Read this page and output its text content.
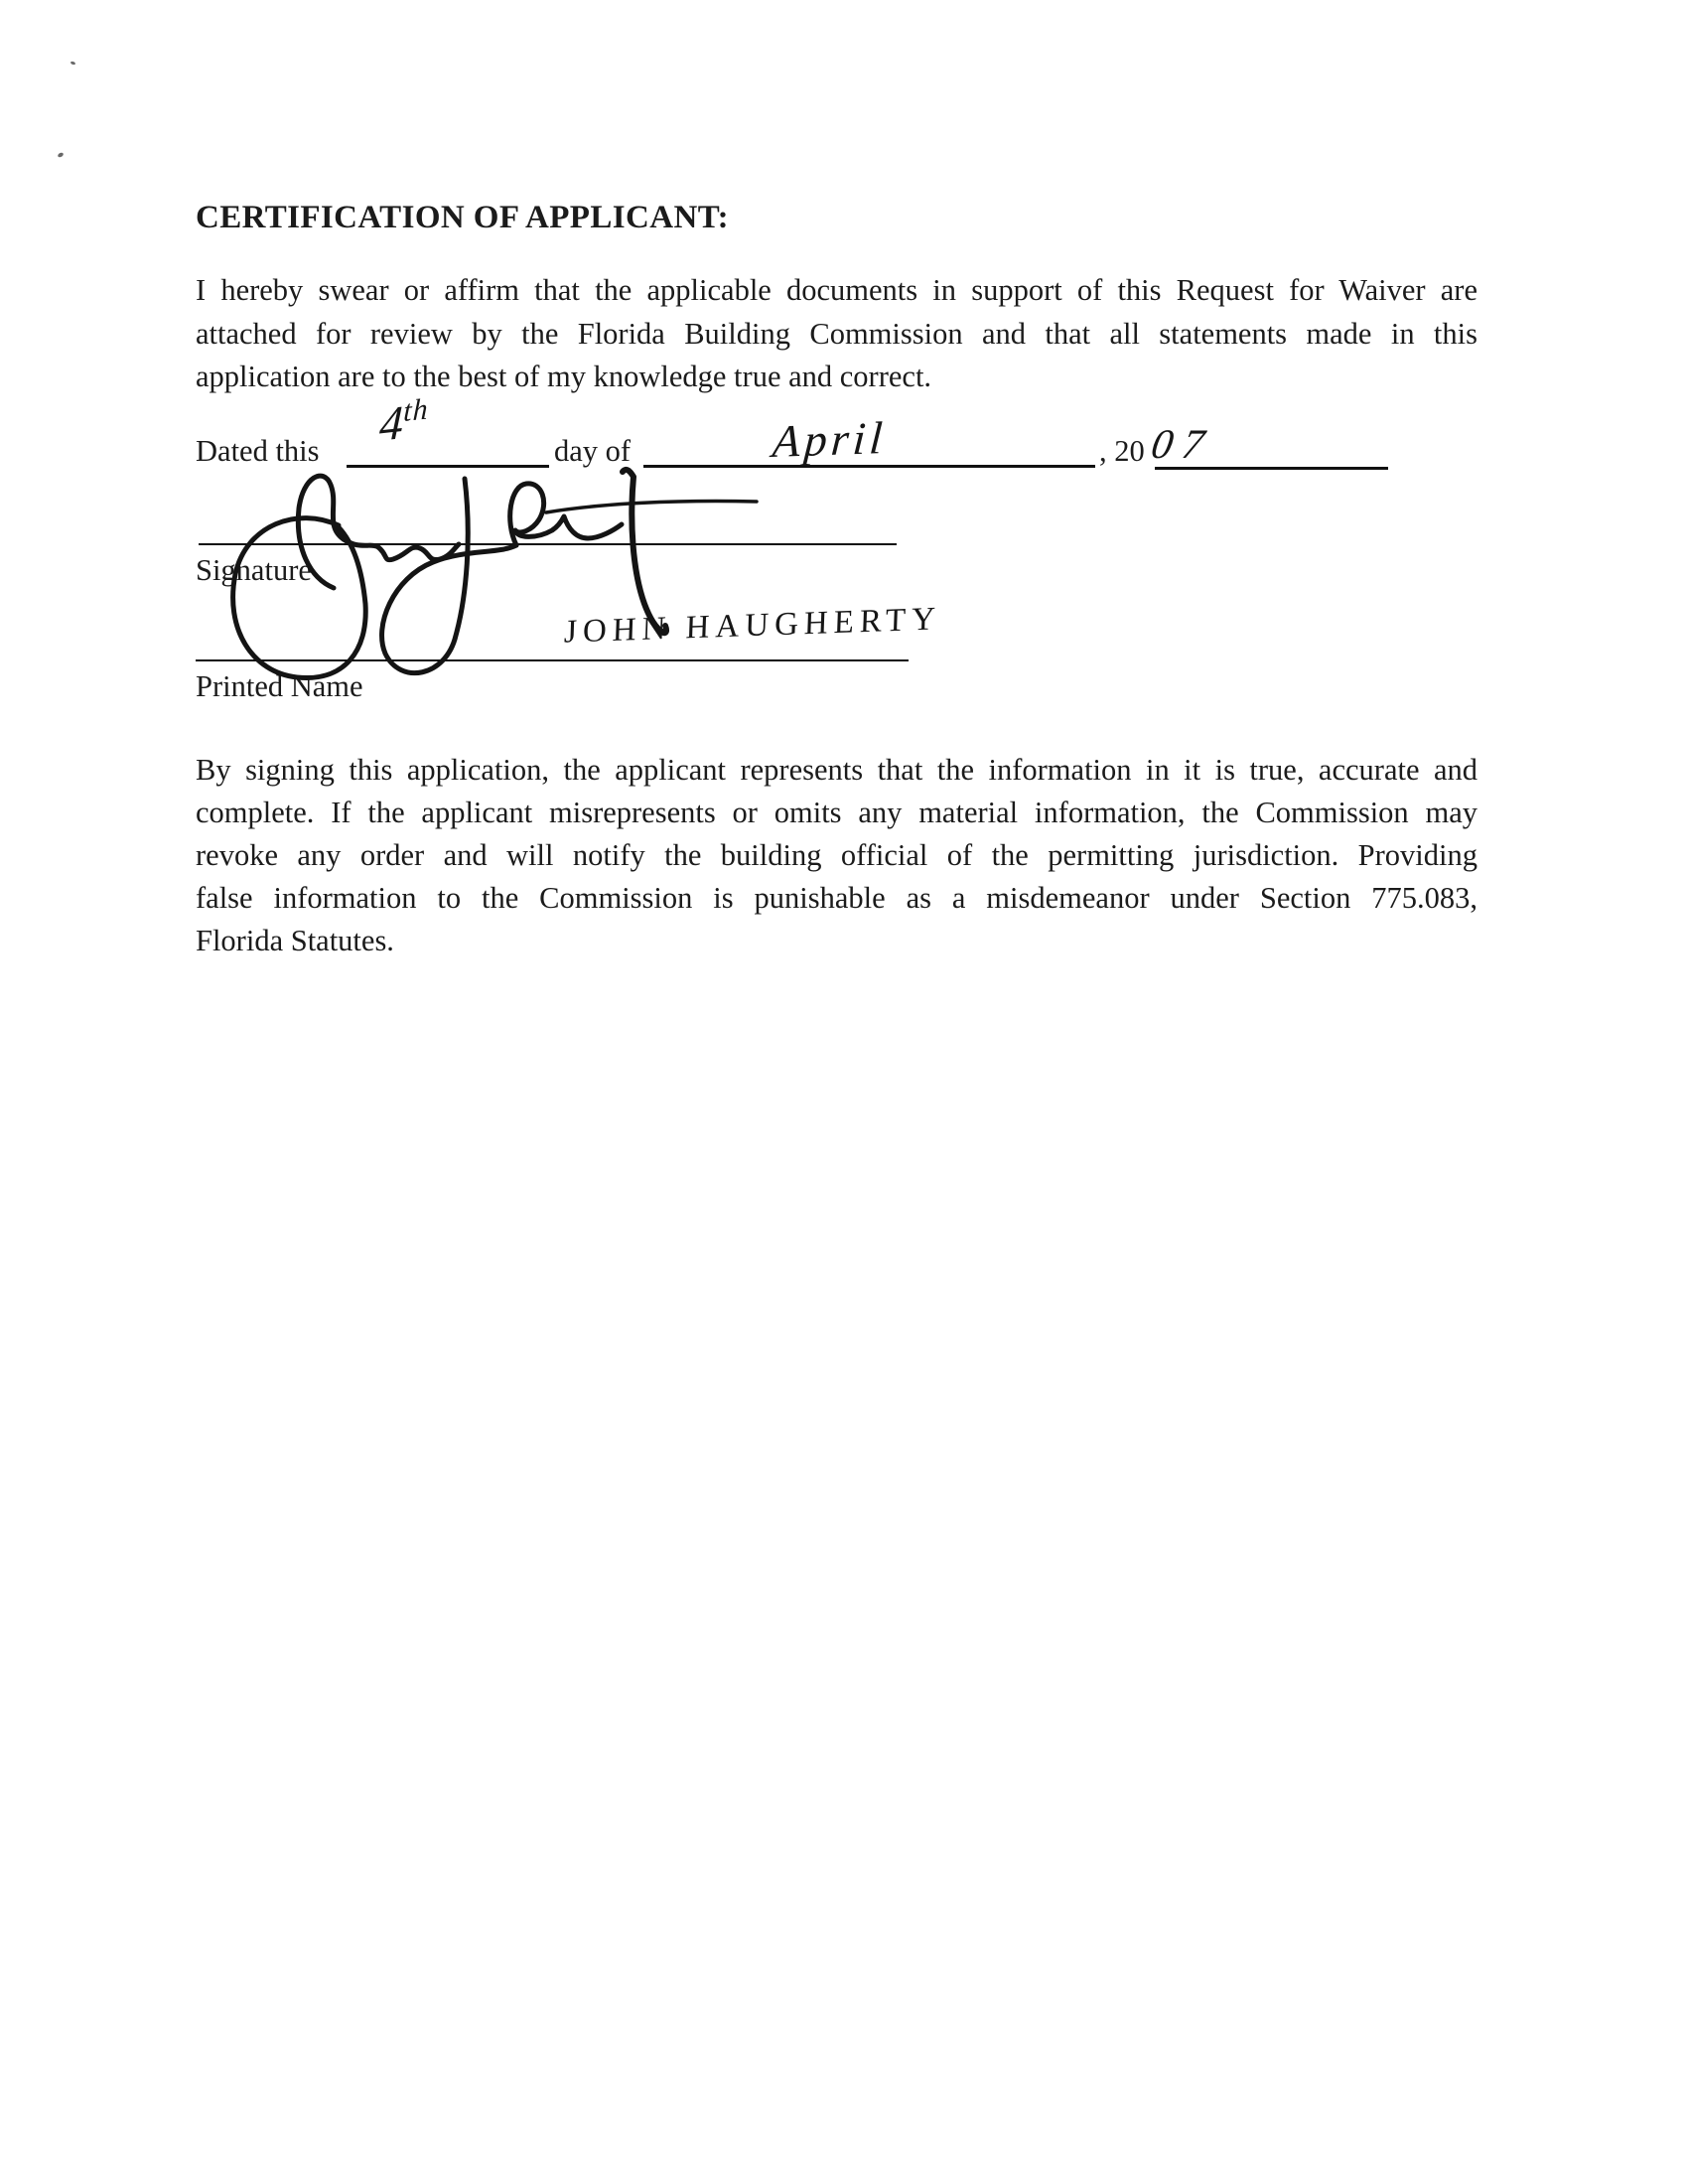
CERTIFICATION OF APPLICANT:
I hereby swear or affirm that the applicable documents in support of this Request for Waiver are
attached for review by the Florida Building Commission and that all statements made in this
application are to the best of my knowledge true and correct.
Dated this	day of	, 20
4th
April	07
Signature
Printed Name
JOHN HAUGHERTY
By signing this application, the applicant represents that the information in it is true, accurate and
complete. If the applicant misrepresents or omits any material information, the Commission may
revoke any order and will notify the building official of the permitting jurisdiction. Providing
false information to the Commission is punishable as a misdemeanor under Section 775.083,
Florida Statutes.
